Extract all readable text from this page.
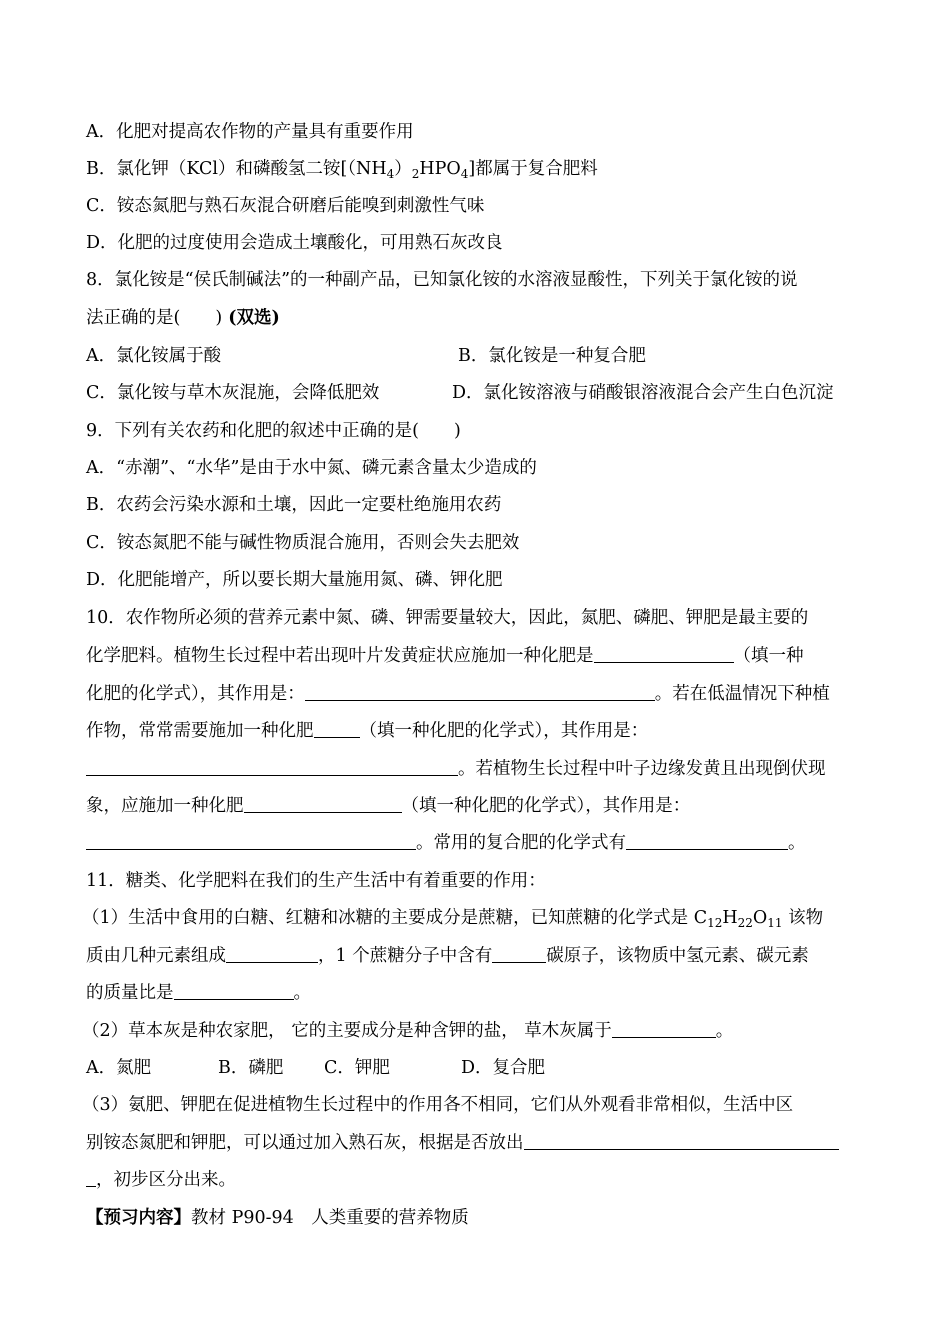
A．化肥对提高农作物的产量具有重要作用
B．氯化钾（KCl）和磷酸氢二铵$[(NH_4)_2HPO_4]$都属于复合肥料
C．铵态氮肥与熟石灰混合研磨后能嗅到刺激性气味
D．化肥的过度使用会造成土壤酸化，可用熟石灰改良
8．氯化铵是“侯氏制碱法”的一种副产品，已知氯化铵的水溶液显酸性，下列关于氯化铵的说
法正确的是(　　) (双选)
A．氯化铵属于酸	B．氯化铵是一种复合肥
C．氯化铵与草木灰混施，会降低肥效	D．氯化铵溶液与硝酸银溶液混合会产生白色沉淀
9．下列有关农药和化肥的叙述中正确的是(　　)
A．“赤潮”、“水华”是由于水中氮、磷元素含量太少造成的
B．农药会污染水源和土壤，因此一定要杜绝施用农药
C．铵态氮肥不能与碱性物质混合施用，否则会失去肥效
D．化肥能增产，所以要长期大量施用氮、磷、钾化肥
10．农作物所必须的营养元素中氮、磷、钾需要量较大，因此，氮肥、磷肥、钾肥是最主要的
化学肥料。植物生长过程中若出现叶片发黄症状应施加一种化肥是	（填一种
化肥的化学式），其作用是：	。若在低温情况下种植
作物，常常需要施加一种化肥	（填一种化肥的化学式），其作用是：
。若植物生长过程中叶子边缘发黄且出现倒伏现
象，应施加一种化肥	（填一种化肥的化学式），其作用是：
。常用的复合肥的化学式有	。
11．糖类、化学肥料在我们的生产生活中有着重要的作用：
（1）生活中食用的白糖、红糖和冰糖的主要成分是蔗糖，已知蔗糖的化学式是 $C_{12}H_{22}O_{11}$ 该物
质由几种元素组成	，1 个蔗糖分子中含有	碳原子，该物质中氢元素、碳元素
的质量比是	。
（2）草本灰是种农家肥， 它的主要成分是种含钾的盐， 草木灰属于	。
A．氮肥	B．磷肥 C．钾肥	D．复合肥
（3）氨肥、钾肥在促进植物生长过程中的作用各不相同，它们从外观看非常相似，生活中区
别铵态氮肥和钾肥，可以通过加入熟石灰，根据是否放出
，初步区分出来。
【预习内容】教材 P90-94　人类重要的营养物质
